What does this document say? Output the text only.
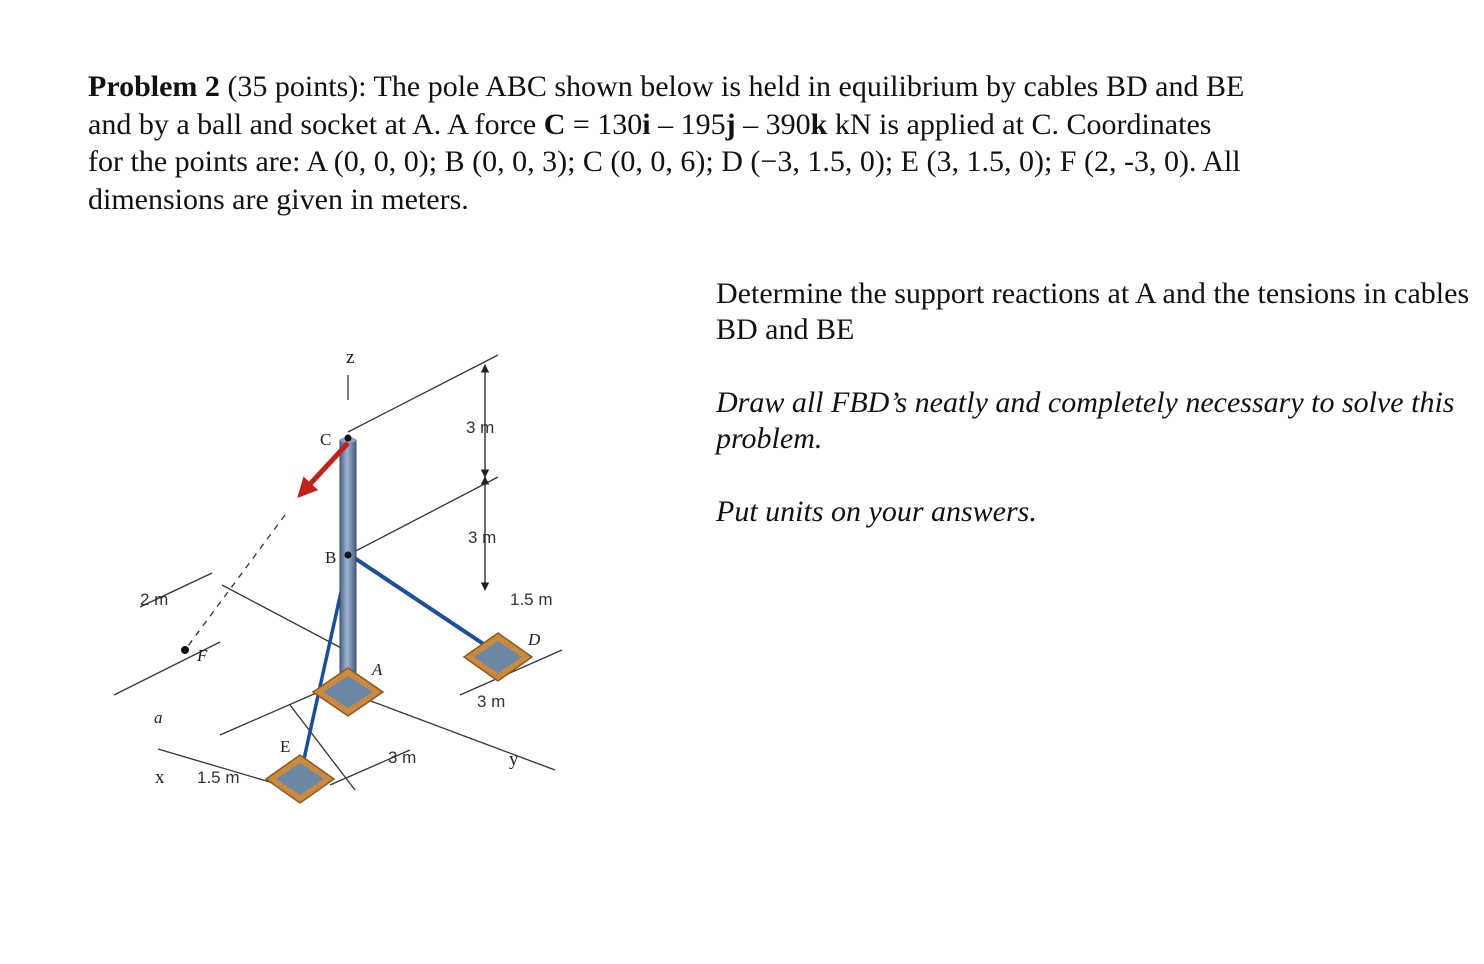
Problem 2 (35 points): The pole ABC shown below is held in equilibrium by cables BD and BE
and by a ball and socket at A. A force C = 130i – 195j – 390k kN is applied at C. Coordinates
for the points are: A (0, 0, 0); B (0, 0, 3); C (0, 0, 6); D (−3, 1.5, 0); E (3, 1.5, 0); F (2, -3, 0). All
dimensions are given in meters.

z
x
y
C
B
A
D
E
F
a
3 m
3 m
1.5 m
3 m
3 m
2 m
1.5 m

Determine the support reactions at A and the tensions in cables BD and BE

Draw all FBD’s neatly and completely necessary to solve this problem.

Put units on your answers.
